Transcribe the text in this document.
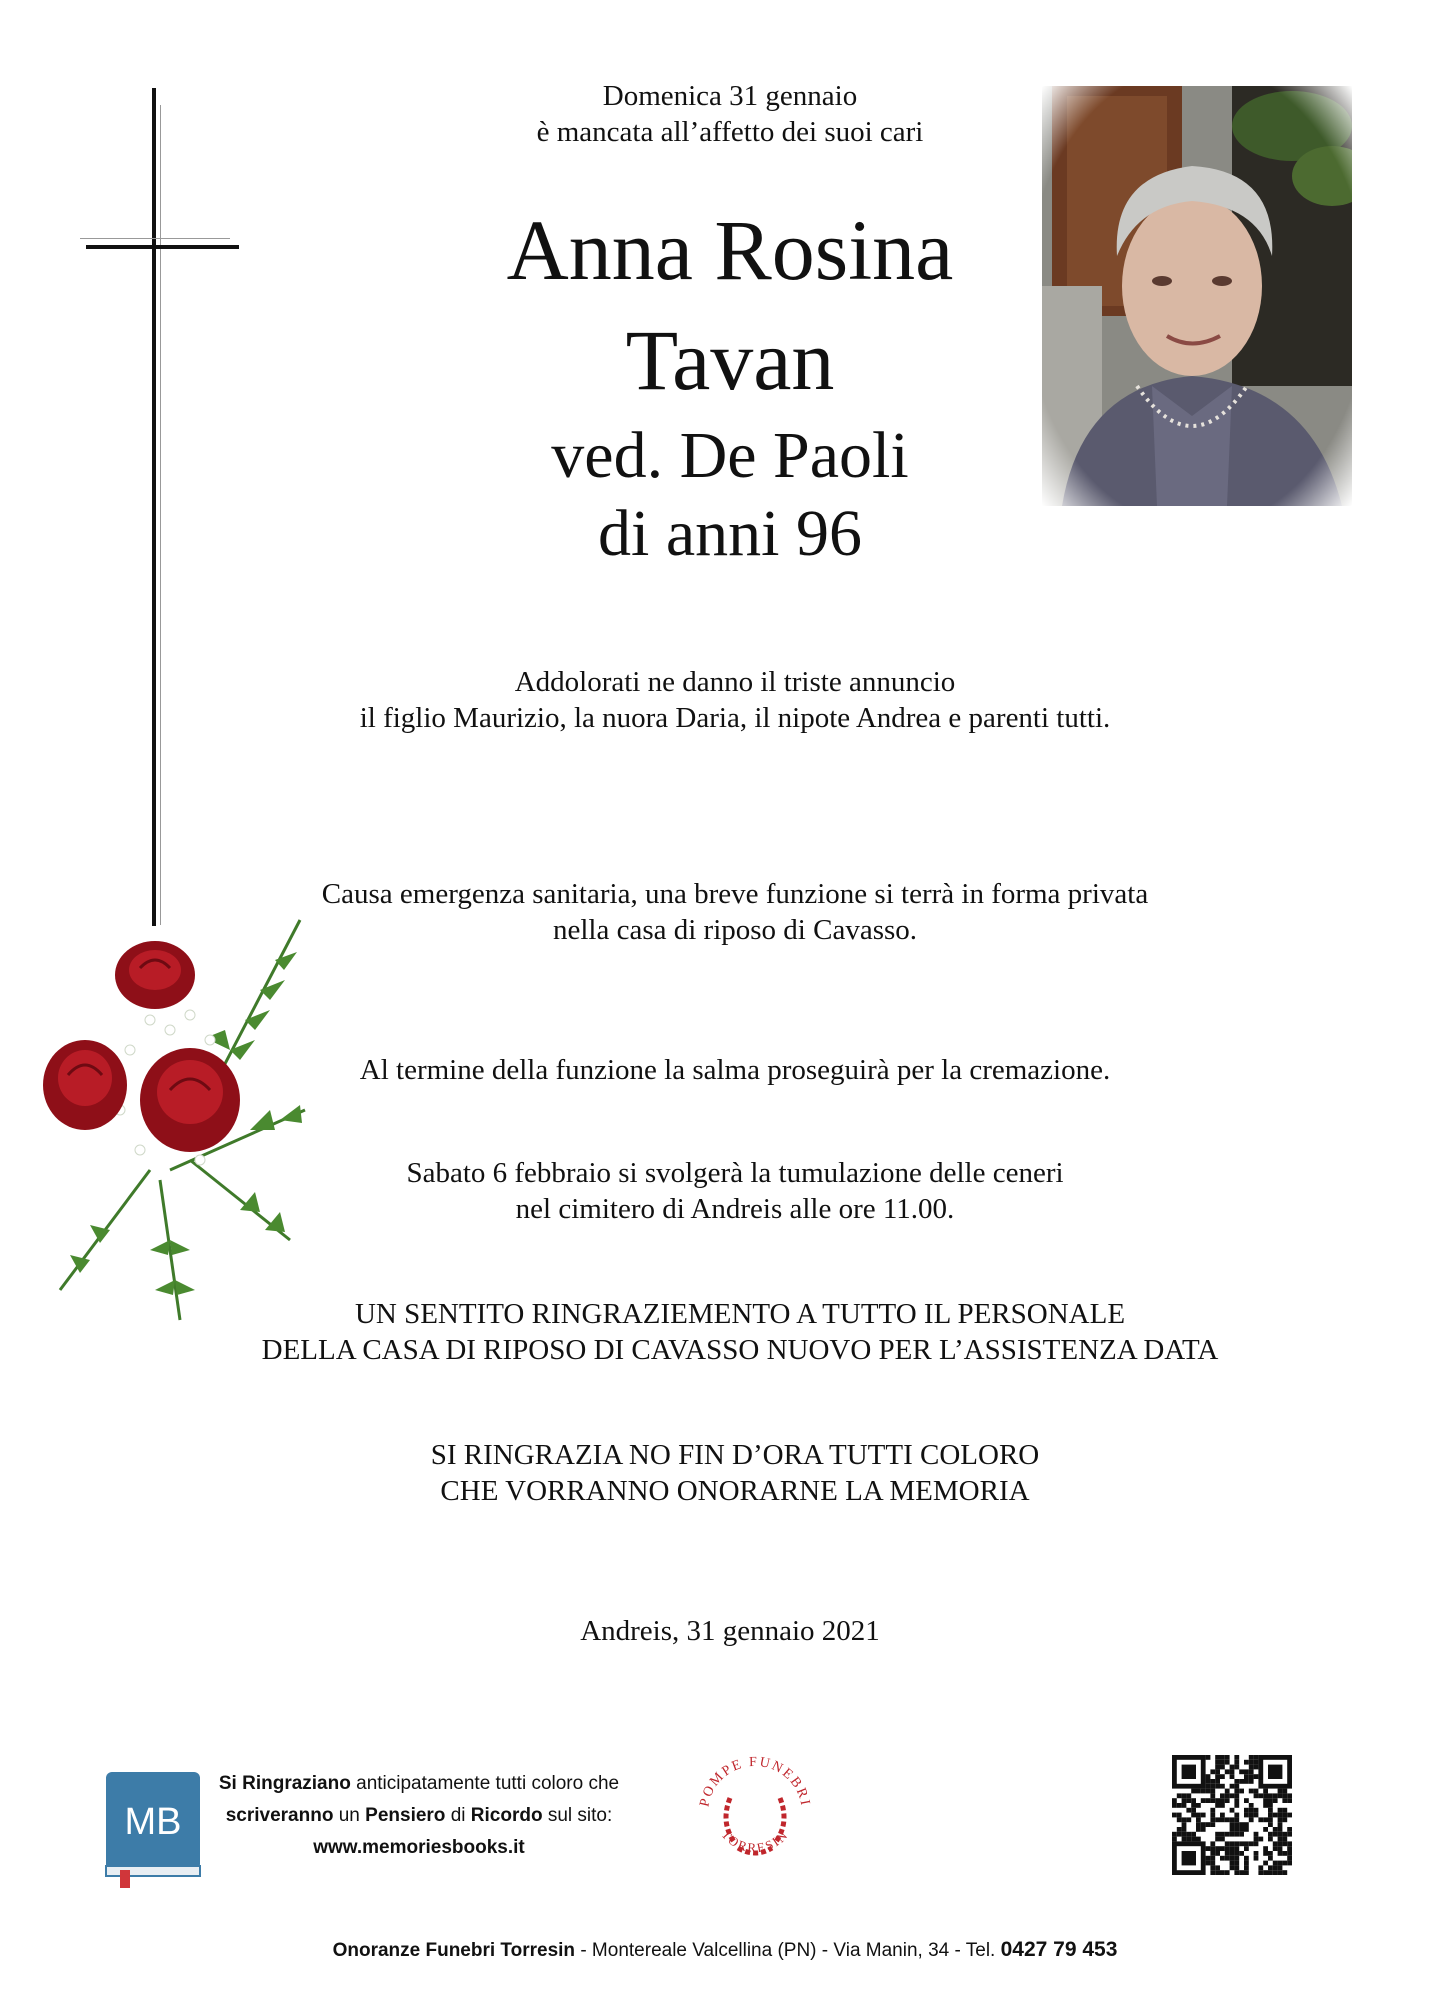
Domenica 31 gennaio
è mancata all’affetto dei suoi cari
Anna Rosina
Tavan
ved. De Paoli
di anni 96
Addolorati ne danno il triste annuncio
il figlio Maurizio, la nuora Daria, il nipote Andrea e parenti tutti.
Causa emergenza sanitaria, una breve funzione si terrà in forma privata
nella casa di riposo di Cavasso.
Al termine della funzione la salma proseguirà per la cremazione.
Sabato 6 febbraio si svolgerà la tumulazione delle ceneri
nel cimitero di Andreis alle ore 11.00.
UN SENTITO RINGRAZIEMENTO A TUTTO IL PERSONALE
DELLA CASA DI RIPOSO DI CAVASSO NUOVO PER L’ASSISTENZA DATA
SI RINGRAZIA NO FIN D’ORA TUTTI COLORO
CHE VORRANNO ONORARNE LA MEMORIA
Andreis, 31 gennaio 2021
MB
Si Ringraziano anticipatamente tutti coloro che
scriveranno un Pensiero di Ricordo sul sito:
www.memoriesbooks.it
POMPE FUNEBRI
TORRESIN
Onoranze Funebri Torresin - Montereale Valcellina (PN) - Via Manin, 34 - Tel. 0427 79 453
